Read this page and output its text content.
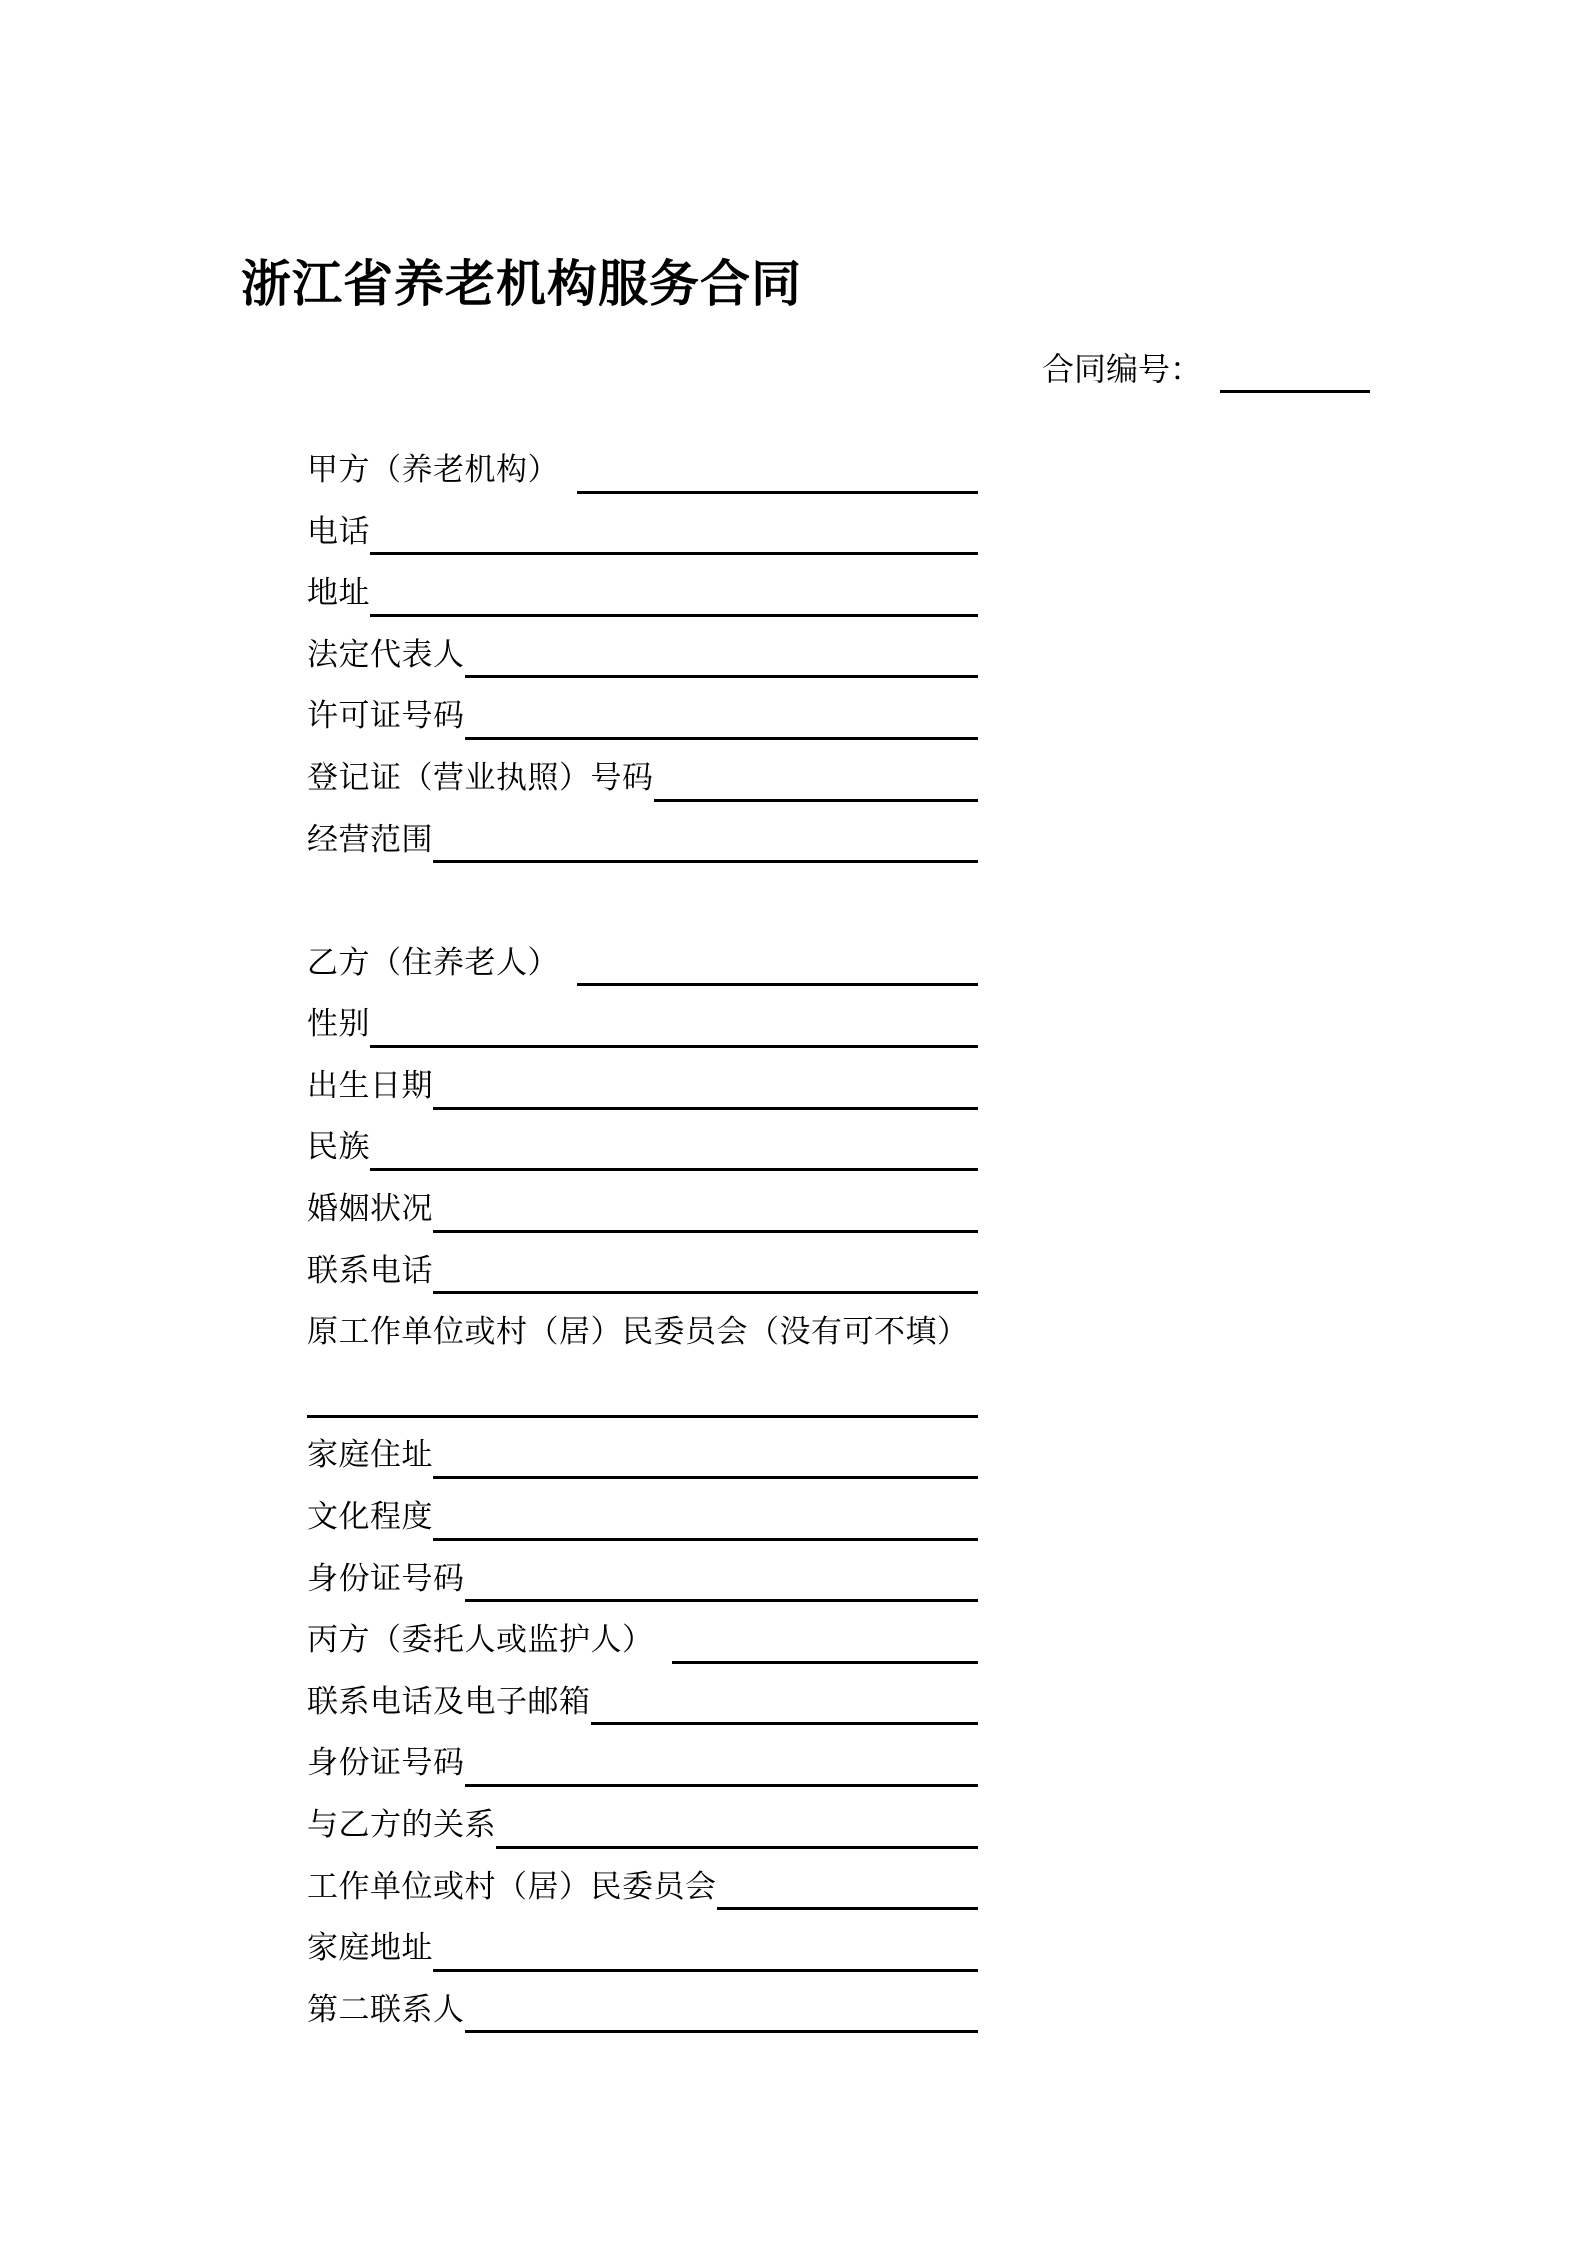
浙江省养老机构服务合同
合同编号：
甲方（养老机构）
电话
地址
法定代表人
许可证号码
登记证（营业执照）号码
经营范围
乙方（住养老人）
性别
出生日期
民族
婚姻状况
联系电话
原工作单位或村（居）民委员会（没有可不填）
家庭住址
文化程度
身份证号码
丙方（委托人或监护人）
联系电话及电子邮箱
身份证号码
与乙方的关系
工作单位或村（居）民委员会
家庭地址
第二联系人
